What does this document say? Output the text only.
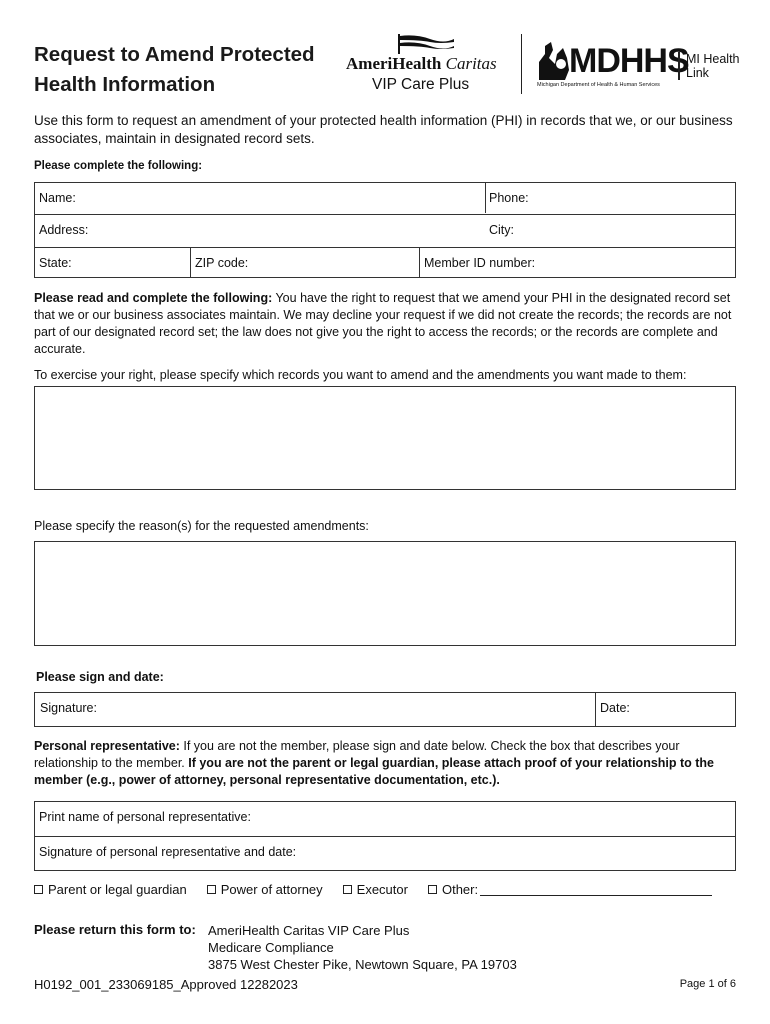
Request to Amend Protected
Health Information
AmeriHealth Caritas
VIP Care Plus
MDHHS
Michigan Department of Health & Human Services
MI Health
Link
Use this form to request an amendment of your protected health information (PHI) in records that we, or our business associates, maintain in designated record sets.
Please complete the following:
Name:	Phone:
Address:	City:
State:	ZIP code:	Member ID number:
Please read and complete the following: You have the right to request that we amend your PHI in the designated record set that we or our business associates maintain. We may decline your request if we did not create the records; the records are not part of our designated record set; the law does not give you the right to access the records; or the records are complete and accurate.
To exercise your right, please specify which records you want to amend and the amendments you want made to them:
Please specify the reason(s) for the requested amendments:
Please sign and date:
Signature:	Date:
Personal representative: If you are not the member, please sign and date below. Check the box that describes your relationship to the member. If you are not the parent or legal guardian, please attach proof of your relationship to the member (e.g., power of attorney, personal representative documentation, etc.).
Print name of personal representative:
Signature of personal representative and date:
Parent or legal guardian	Power of attorney	Executor	Other:
Please return this form to: AmeriHealth Caritas VIP Care Plus
Medicare Compliance
3875 West Chester Pike, Newtown Square, PA 19703
H0192_001_233069185_Approved 12282023	Page 1 of 6
